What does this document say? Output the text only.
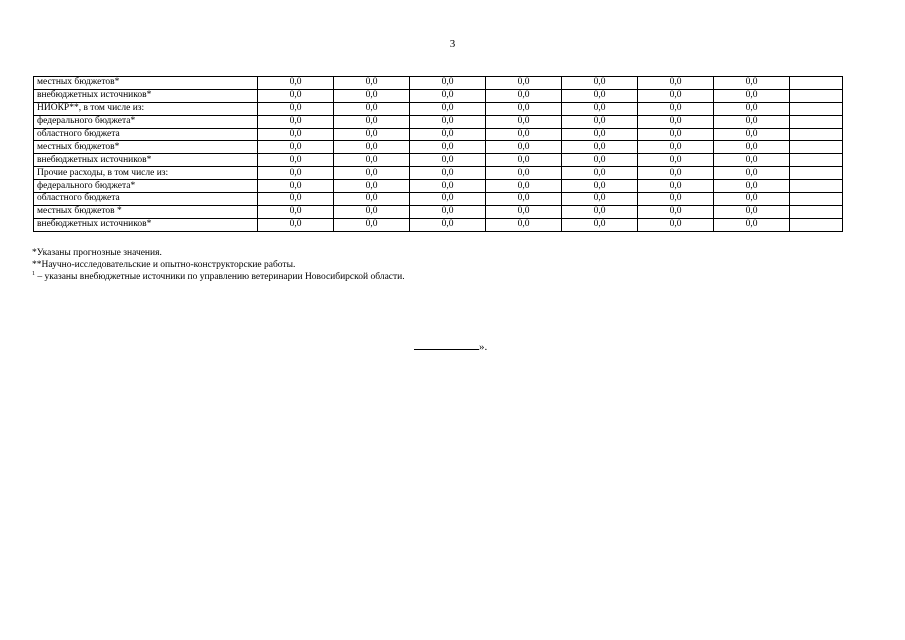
3
местных бюджетов*	0,0	0,0	0,0	0,0	0,0	0,0	0,0	
внебюджетных источников*	0,0	0,0	0,0	0,0	0,0	0,0	0,0	
НИОКР**, в том числе из:	0,0	0,0	0,0	0,0	0,0	0,0	0,0	
федерального бюджета*	0,0	0,0	0,0	0,0	0,0	0,0	0,0	
областного бюджета	0,0	0,0	0,0	0,0	0,0	0,0	0,0	
местных бюджетов*	0,0	0,0	0,0	0,0	0,0	0,0	0,0	
внебюджетных источников*	0,0	0,0	0,0	0,0	0,0	0,0	0,0	
Прочие расходы, в том числе из:	0,0	0,0	0,0	0,0	0,0	0,0	0,0	
федерального бюджета*	0,0	0,0	0,0	0,0	0,0	0,0	0,0	
областного бюджета	0,0	0,0	0,0	0,0	0,0	0,0	0,0	
местных бюджетов *	0,0	0,0	0,0	0,0	0,0	0,0	0,0	
внебюджетных источников*	0,0	0,0	0,0	0,0	0,0	0,0	0,0	
*Указаны прогнозные значения.
**Научно-исследовательские и опытно-конструкторские работы.
$^1$ – указаны внебюджетные источники по управлению ветеринарии Новосибирской области.
».
